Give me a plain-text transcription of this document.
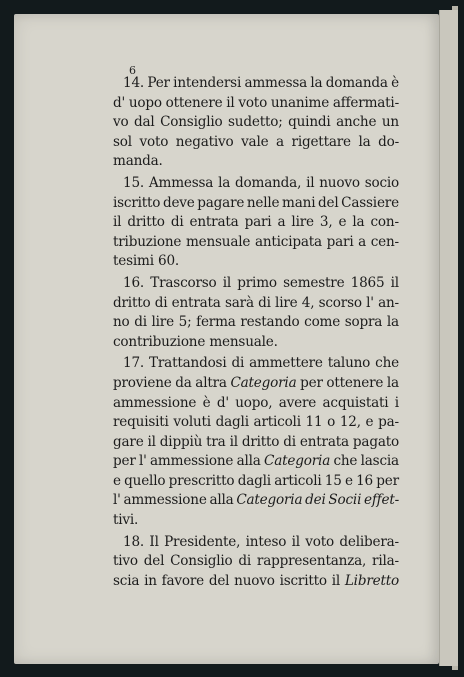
6
14. Per intendersi ammessa la domanda è
d' uopo ottenere il voto unanime affermati-
vo dal Consiglio sudetto; quindi anche un
sol voto negativo vale a rigettare la do-
manda.
15. Ammessa la domanda, il nuovo socio
iscritto deve pagare nelle mani del Cassiere
il dritto di entrata pari a lire 3, e la con-
tribuzione mensuale anticipata pari a cen-
tesimi 60.
16. Trascorso il primo semestre 1865 il
dritto di entrata sarà di lire 4, scorso l' an-
no di lire 5; ferma restando come sopra la
contribuzione mensuale.
17. Trattandosi di ammettere taluno che
proviene da altra Categoria per ottenere la
ammessione è d' uopo, avere acquistati i
requisiti voluti dagli articoli 11 o 12, e pa-
gare il dippiù tra il dritto di entrata pagato
per l' ammessione alla Categoria che lascia
e quello prescritto dagli articoli 15 e 16 per
l' ammessione alla Categoria dei Socii effet-
tivi.
18. Il Presidente, inteso il voto delibera-
tivo del Consiglio di rappresentanza, rila-
scia in favore del nuovo iscritto il Libretto
